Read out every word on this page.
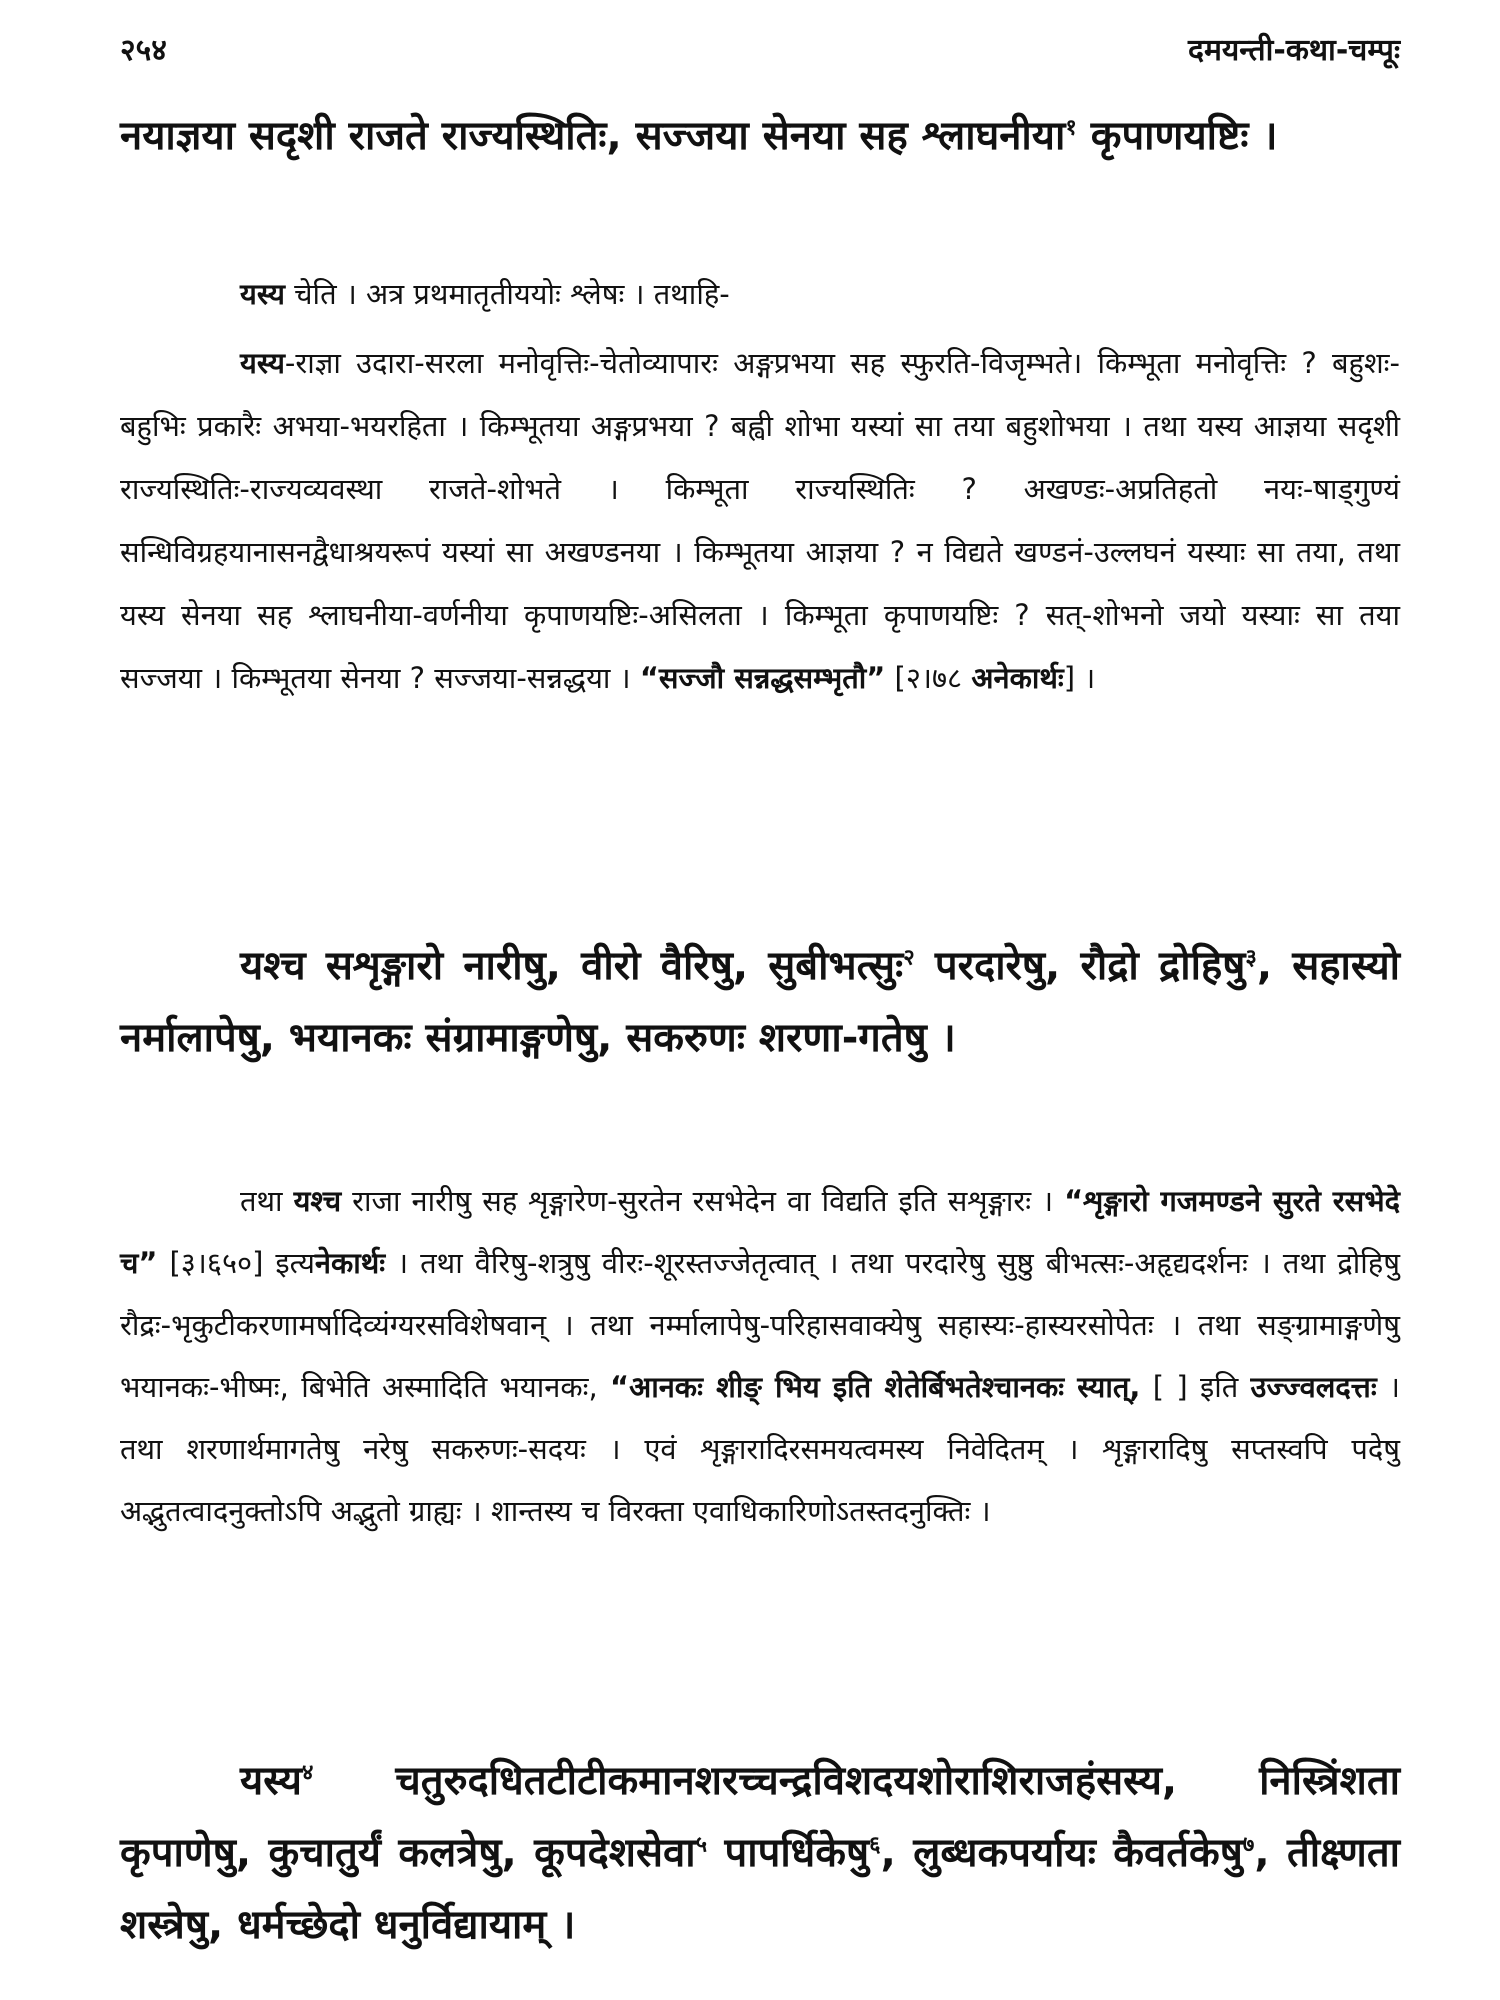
२५४	दमयन्ती-कथा-चम्पूः

नयाज्ञया सदृशी राजते राज्यस्थितिः, सज्जया सेनया सह श्लाघनीया$^१$ कृपाणयष्टिः ।

यस्य चेति । अत्र प्रथमातृतीययोः श्लेषः । तथाहि-

यस्य-राज्ञा उदारा-सरला मनोवृत्तिः-चेतोव्यापारः अङ्गप्रभया सह स्फुरति-विजृम्भते। किम्भूता मनोवृत्तिः ? बहुशः-बहुभिः प्रकारैः अभया-भयरहिता । किम्भूतया अङ्गप्रभया ? बह्वी शोभा यस्यां सा तया बहुशोभया । तथा यस्य आज्ञया सदृशी राज्यस्थितिः-राज्यव्यवस्था राजते-शोभते । किम्भूता राज्यस्थितिः ? अखण्डः-अप्रतिहतो नयः-षाड्गुण्यं सन्धिविग्रहयानासनद्वैधाश्रयरूपं यस्यां सा अखण्डनया । किम्भूतया आज्ञया ? न विद्यते खण्डनं-उल्लघनं यस्याः सा तया, तथा यस्य सेनया सह श्लाघनीया-वर्णनीया कृपाणयष्टिः-असिलता । किम्भूता कृपाणयष्टिः ? सत्-शोभनो जयो यस्याः सा तया सज्जया । किम्भूतया सेनया ? सज्जया-सन्नद्धया । “सज्जौ सन्नद्धसम्भृतौ” [२।७८ अनेकार्थः] ।

यश्च सशृङ्गारो नारीषु, वीरो वैरिषु, सुबीभत्सुः$^२$ परदारेषु, रौद्रो द्रोहिषु$^३$, सहास्यो नर्मालापेषु, भयानकः संग्रामाङ्गणेषु, सकरुणः शरणा-गतेषु ।

तथा यश्च राजा नारीषु सह शृङ्गारेण-सुरतेन रसभेदेन वा विद्यति इति सशृङ्गारः । “शृङ्गारो गजमण्डने सुरते रसभेदे च” [३।६५०] इत्यनेकार्थः । तथा वैरिषु-शत्रुषु वीरः-शूरस्तज्जेतृत्वात् । तथा परदारेषु सुष्ठु बीभत्सः-अहृद्यदर्शनः । तथा द्रोहिषु रौद्रः-भृकुटीकरणामर्षादिव्यंग्यरसविशेषवान् । तथा नर्म्मालापेषु-परिहासवाक्येषु सहास्यः-हास्यरसोपेतः । तथा सङ्ग्रामाङ्गणेषु भयानकः-भीष्मः, बिभेति अस्मादिति भयानकः, “आनकः शीङ् भिय इति शेतेर्बिभतेश्चानकः स्यात्, [ ] इति उज्ज्वलदत्तः । तथा शरणार्थमागतेषु नरेषु सकरुणः-सदयः । एवं शृङ्गारादिरसमयत्वमस्य निवेदितम् । शृङ्गारादिषु सप्तस्वपि पदेषु अद्भुतत्वादनुक्तोऽपि अद्भुतो ग्राह्यः । शान्तस्य च विरक्ता एवाधिकारिणोऽतस्तदनुक्तिः ।

यस्य$^४$ चतुरुदधितटीटीकमानशरच्चन्द्रविशदयशोराशिराजहंसस्य, निस्त्रिंशता कृपाणेषु, कुचातुर्यं कलत्रेषु, कूपदेशसेवा$^५$ पापर्धिकेषु$^६$, लुब्धकपर्यायः कैवर्तकेषु$^७$, तीक्ष्णता शस्त्रेषु, धर्मच्छेदो धनुर्विद्यायाम् ।
